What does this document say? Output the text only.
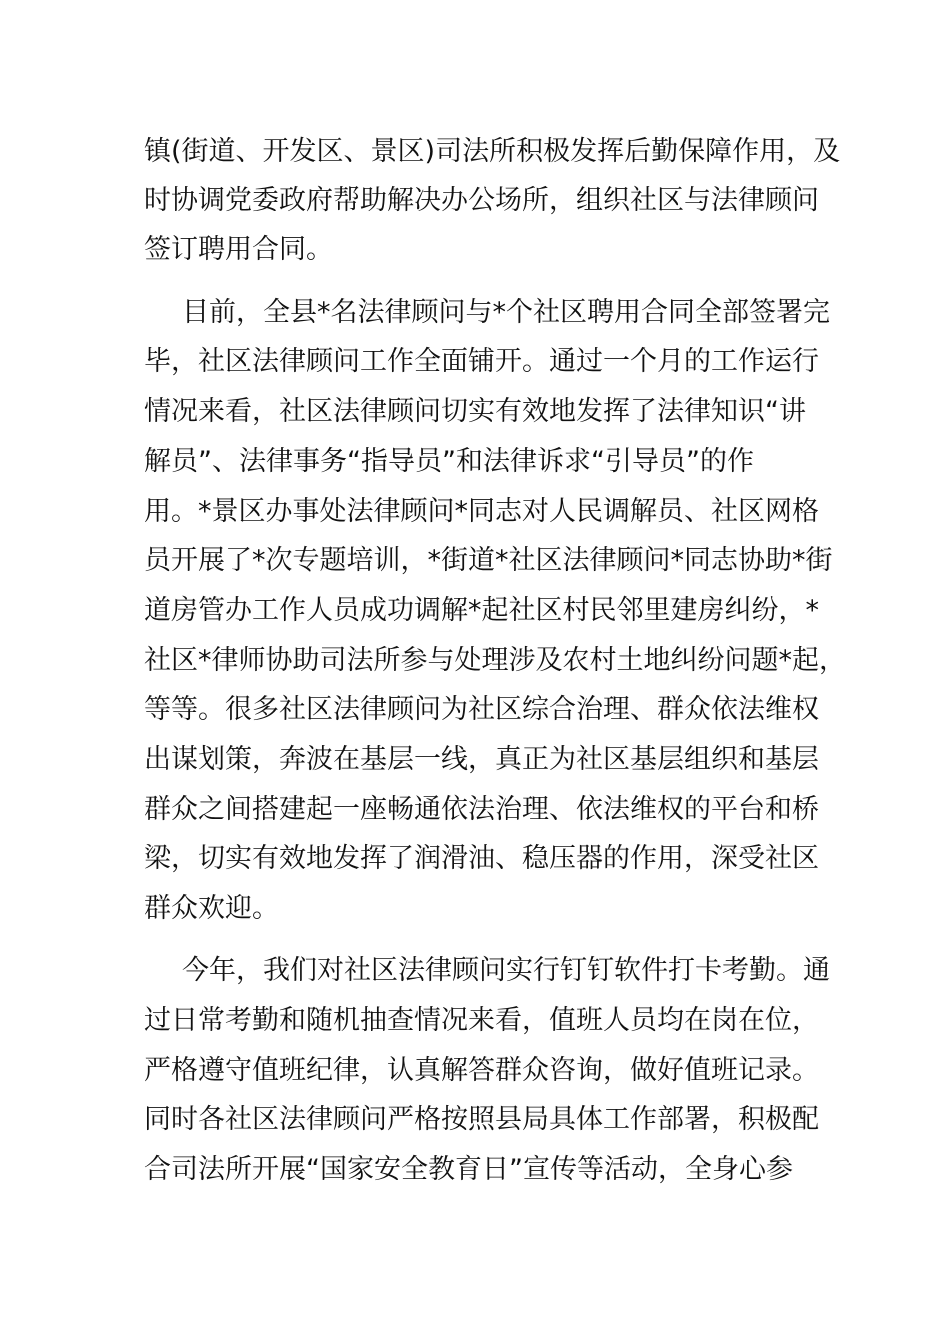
镇(街道、开发区、景区)司法所积极发挥后勤保障作用，及
时协调党委政府帮助解决办公场所，组织社区与法律顾问
签订聘用合同。
目前，全县*名法律顾问与*个社区聘用合同全部签署完
毕，社区法律顾问工作全面铺开。通过一个月的工作运行
情况来看，社区法律顾问切实有效地发挥了法律知识“讲
解员”、法律事务“指导员”和法律诉求“引导员”的作
用。*景区办事处法律顾问*同志对人民调解员、社区网格
员开展了*次专题培训，*街道*社区法律顾问*同志协助*街
道房管办工作人员成功调解*起社区村民邻里建房纠纷，*
社区*律师协助司法所参与处理涉及农村土地纠纷问题*起，
等等。很多社区法律顾问为社区综合治理、群众依法维权
出谋划策，奔波在基层一线，真正为社区基层组织和基层
群众之间搭建起一座畅通依法治理、依法维权的平台和桥
梁，切实有效地发挥了润滑油、稳压器的作用，深受社区
群众欢迎。
今年，我们对社区法律顾问实行钉钉软件打卡考勤。通
过日常考勤和随机抽查情况来看，值班人员均在岗在位，
严格遵守值班纪律，认真解答群众咨询，做好值班记录。
同时各社区法律顾问严格按照县局具体工作部署，积极配
合司法所开展“国家安全教育日”宣传等活动，全身心参
